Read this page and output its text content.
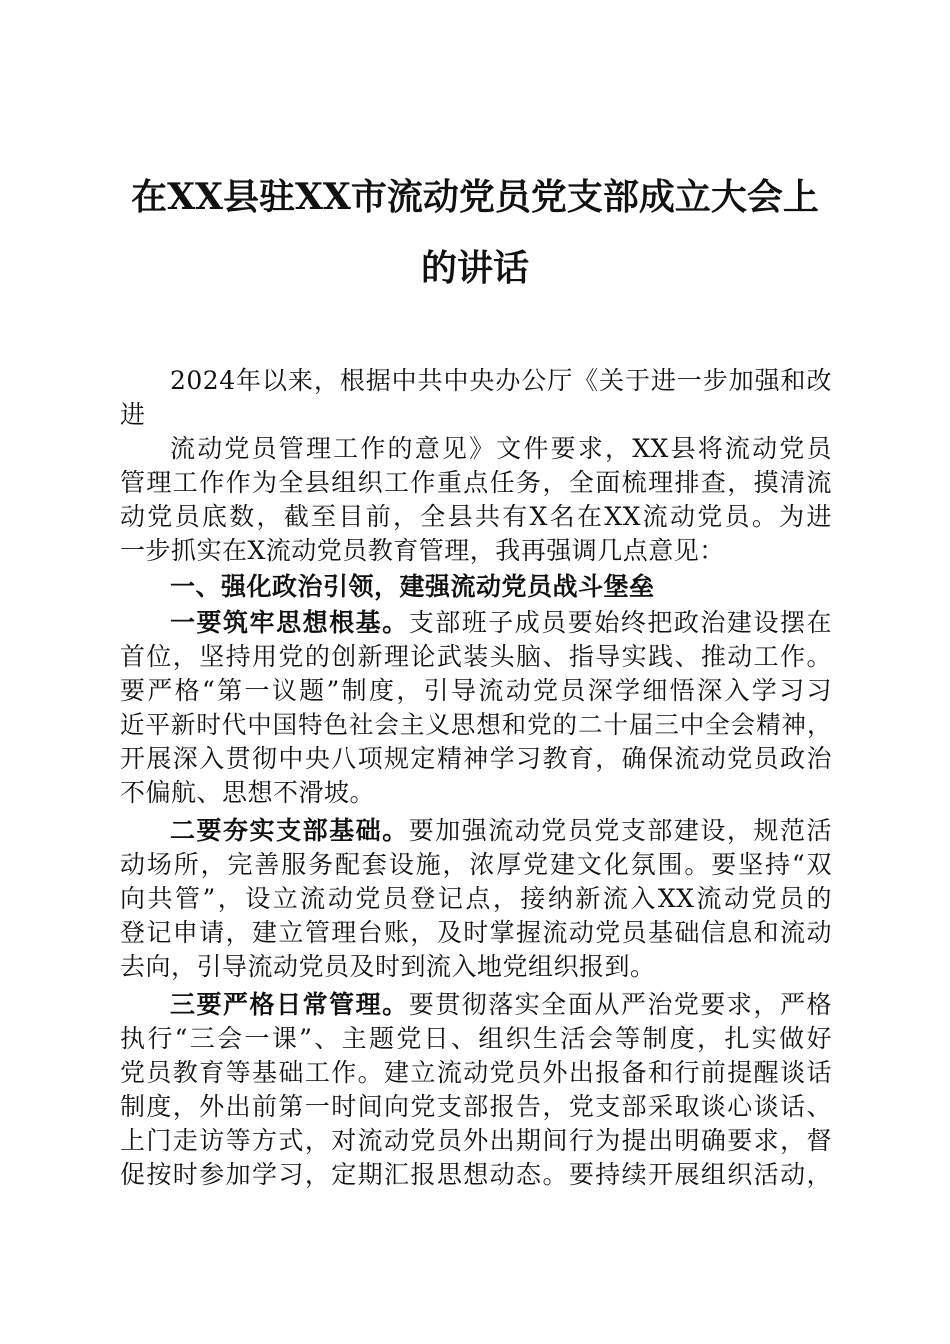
在XX县驻XX市流动党员党支部成立大会上
的讲话

2024年以来，根据中共中央办公厅《关于进一步加强和改

进

流动党员管理工作的意见》文件要求，XX县将流动党员

管理工作作为全县组织工作重点任务，全面梳理排查，摸清流

动党员底数，截至目前，全县共有X名在XX流动党员。为进

一步抓实在X流动党员教育管理，我再强调几点意见：

一、强化政治引领，建强流动党员战斗堡垒

一要筑牢思想根基。支部班子成员要始终把政治建设摆在

首位，坚持用党的创新理论武装头脑、指导实践、推动工作。

要严格“第一议题”制度，引导流动党员深学细悟深入学习习

近平新时代中国特色社会主义思想和党的二十届三中全会精神，

开展深入贯彻中央八项规定精神学习教育，确保流动党员政治

不偏航、思想不滑坡。

二要夯实支部基础。要加强流动党员党支部建设，规范活

动场所，完善服务配套设施，浓厚党建文化氛围。要坚持“双

向共管”，设立流动党员登记点，接纳新流入XX流动党员的

登记申请，建立管理台账，及时掌握流动党员基础信息和流动

去向，引导流动党员及时到流入地党组织报到。

三要严格日常管理。要贯彻落实全面从严治党要求，严格

执行“三会一课”、主题党日、组织生活会等制度，扎实做好

党员教育等基础工作。建立流动党员外出报备和行前提醒谈话

制度，外出前第一时间向党支部报告，党支部采取谈心谈话、

上门走访等方式，对流动党员外出期间行为提出明确要求，督

促按时参加学习，定期汇报思想动态。要持续开展组织活动，
